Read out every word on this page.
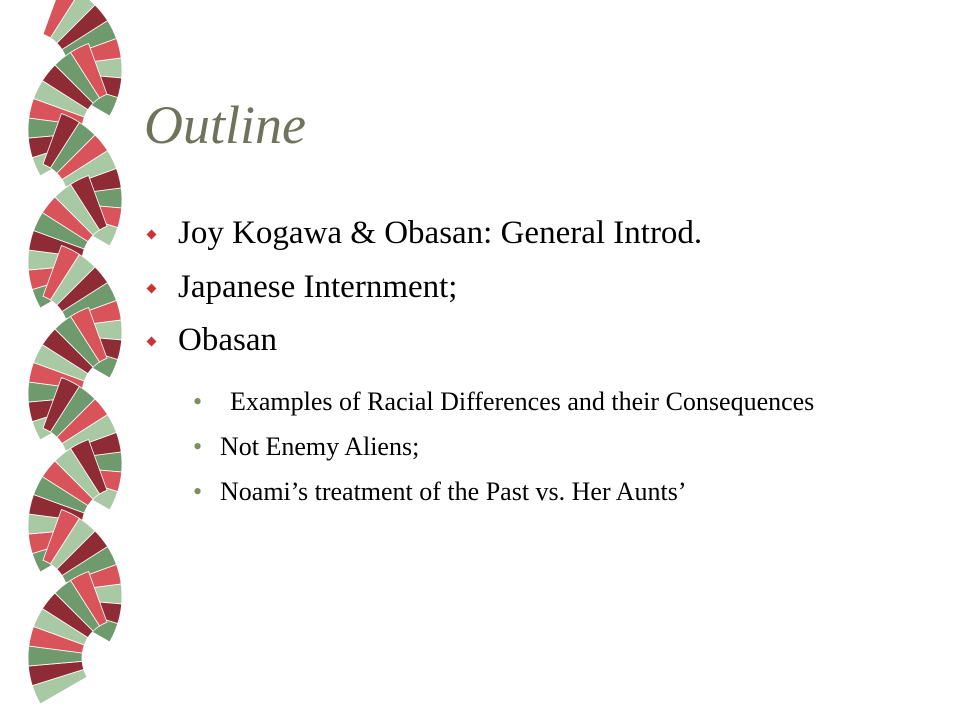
Outline
Joy Kogawa & Obasan: General Introd.
Japanese Internment;
Obasan
• Examples of Racial Differences and their Consequences
• Not Enemy Aliens;
• Noami’s treatment of the Past vs. Her Aunts’
